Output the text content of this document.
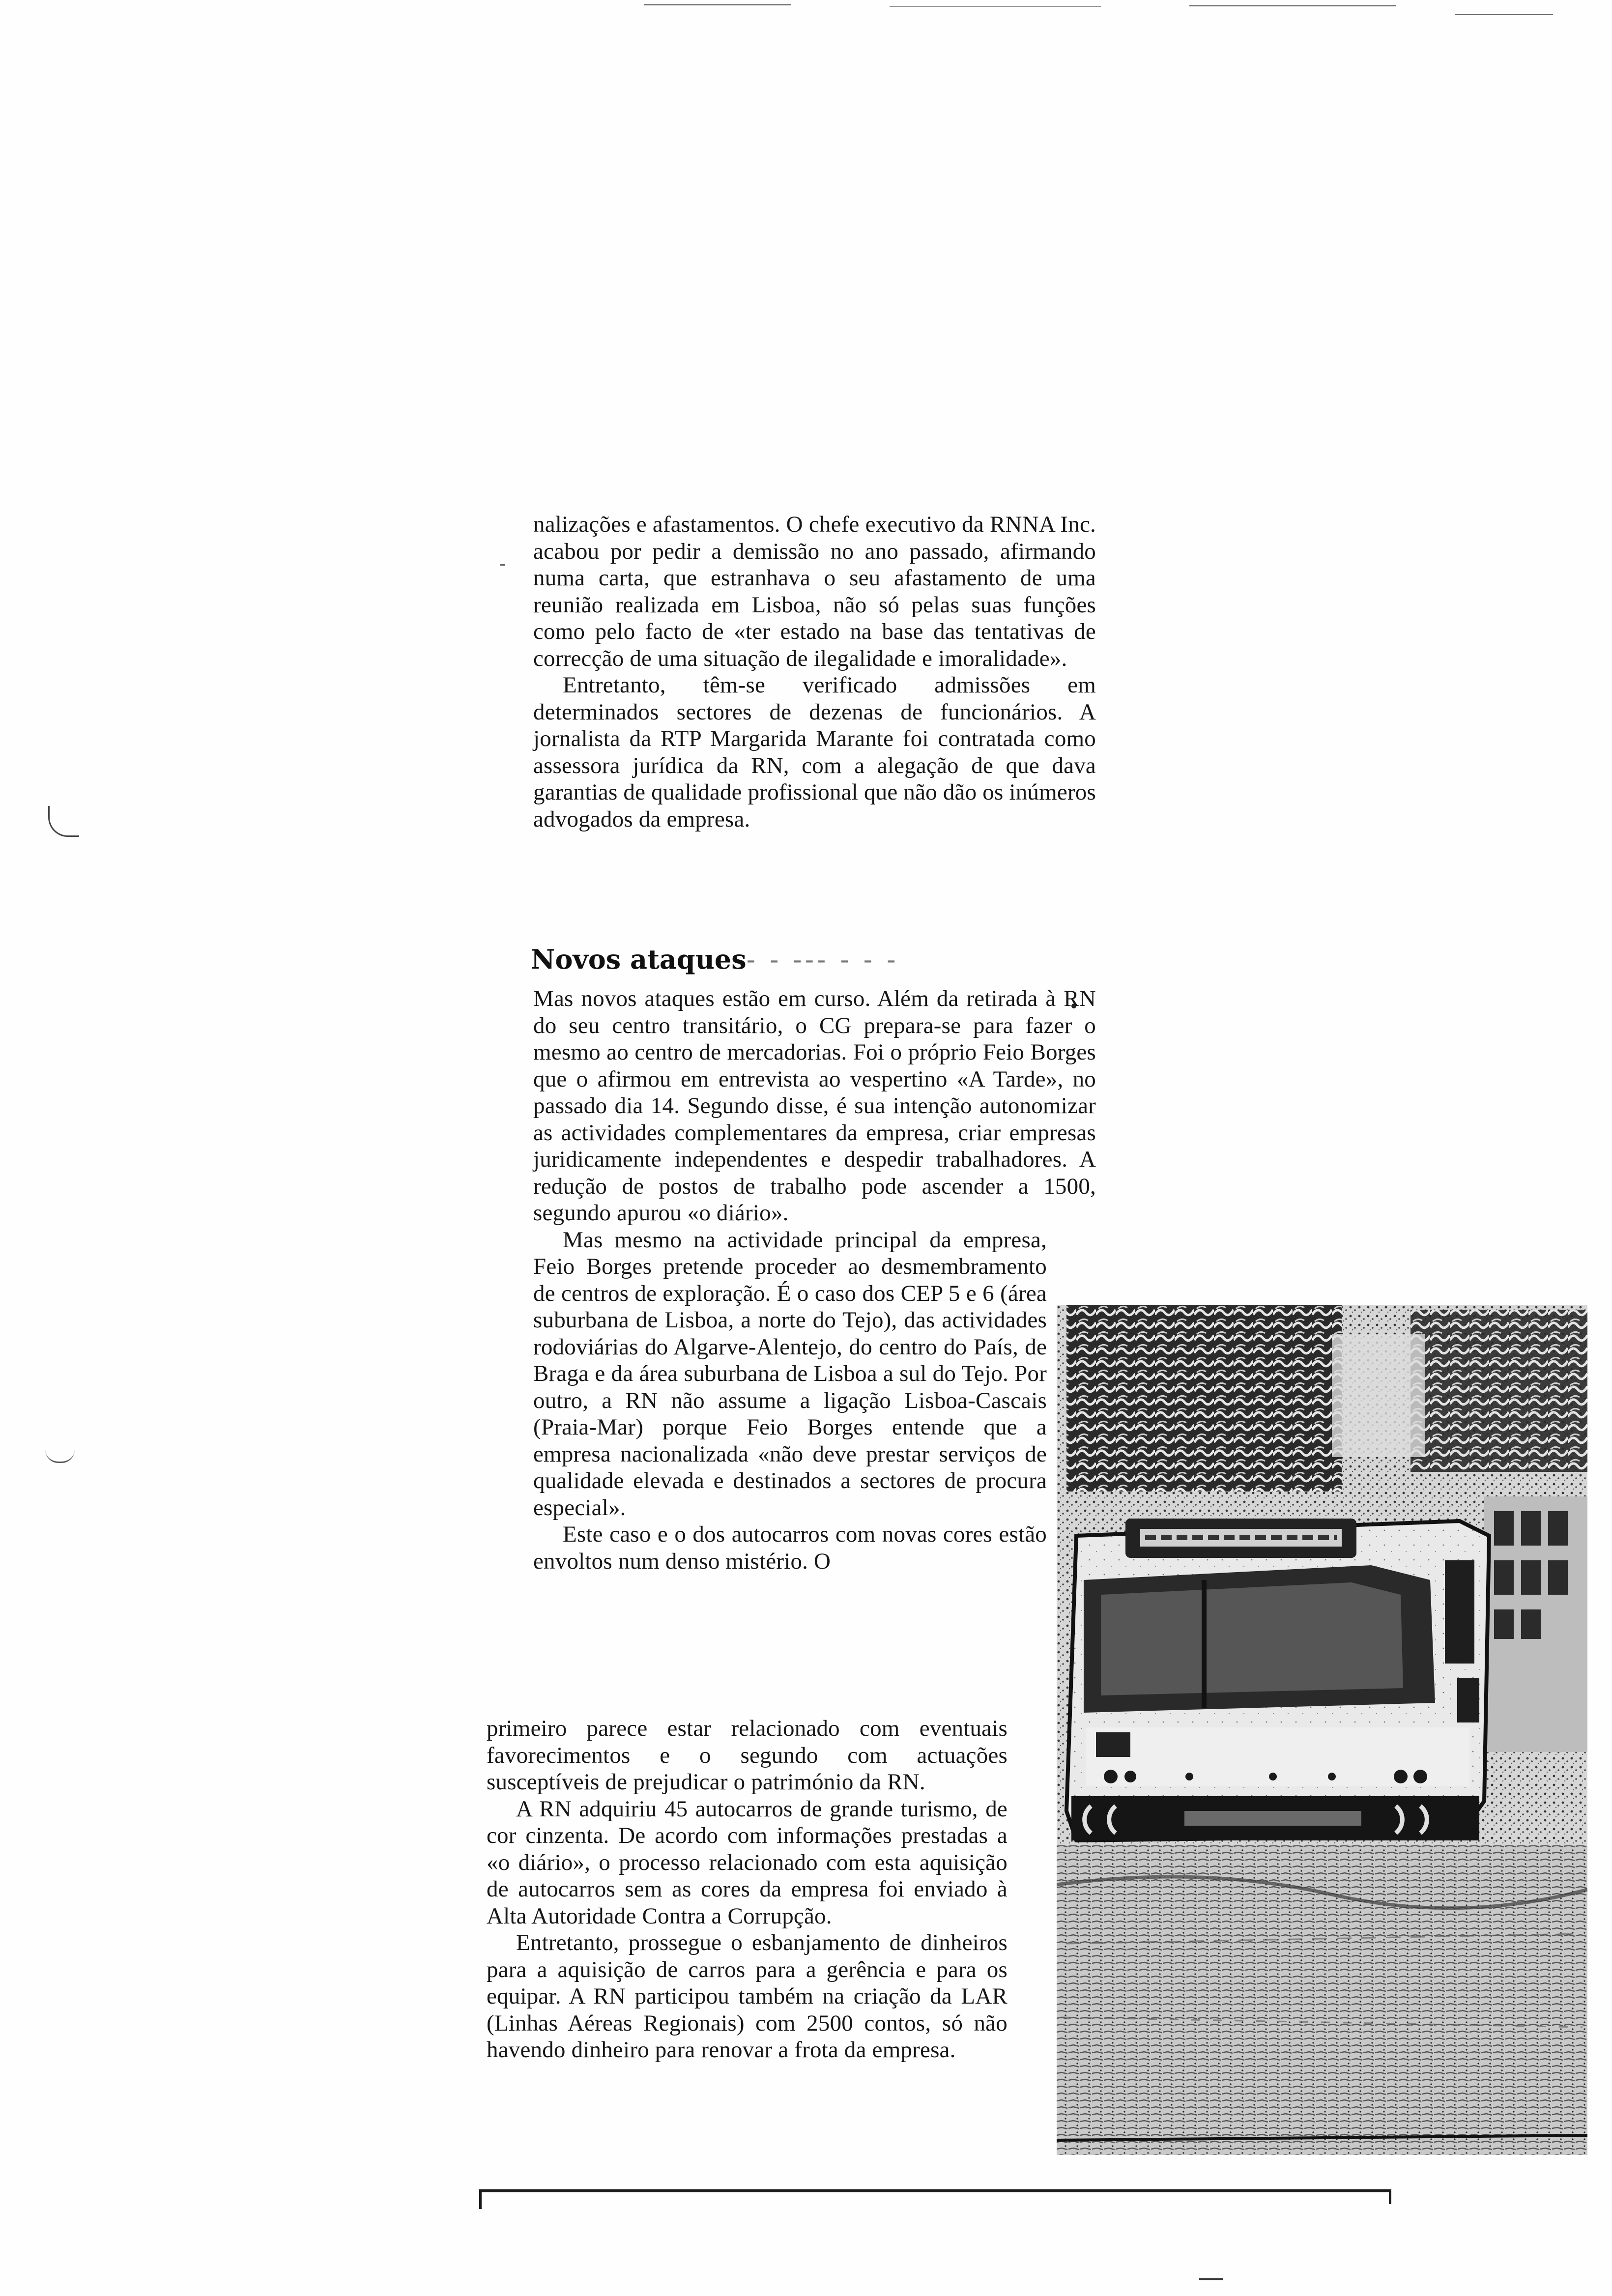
nalizações e afastamentos. O chefe executivo da RNNA Inc. acabou por pedir a demissão no ano passado, afirmando numa carta, que estranhava o seu afastamento de uma reunião realizada em Lisboa, não só pelas suas funções como pelo facto de «ter estado na base das tentativas de correcção de uma situação de ilegalidade e imoralidade».

Entretanto, têm-se verificado admissões em determinados sectores de dezenas de funcionários. A jornalista da RTP Margarida Marante foi contratada como assessora jurídica da RN, com a alegação de que dava garantias de qualidade profissional que não dão os inúmeros advogados da empresa.

Novos ataques- - --- - - -

Mas novos ataques estão em curso. Além da retirada à RN do seu centro transitário, o CG prepara-se para fazer o mesmo ao centro de mercadorias. Foi o próprio Feio Borges que o afirmou em entrevista ao vespertino «A Tarde», no passado dia 14. Segundo disse, é sua intenção autonomizar as actividades complementares da empresa, criar empresas juridicamente independentes e despedir trabalhadores. A redução de postos de trabalho pode ascender a 1500, segundo apurou «o diário».

Mas mesmo na actividade principal da empresa, Feio Borges pretende proceder ao desmembramento de centros de exploração. É o caso dos CEP 5 e 6 (área suburbana de Lisboa, a norte do Tejo), das actividades rodoviárias do Algarve-Alentejo, do centro do País, de Braga e da área suburbana de Lisboa a sul do Tejo. Por outro, a RN não assume a ligação Lisboa-Cascais (Praia-Mar) porque Feio Borges entende que a empresa nacionalizada «não deve prestar serviços de qualidade elevada e destinados a sectores de procura especial».

Este caso e o dos autocarros com novas cores estão envoltos num denso mistério. O

primeiro parece estar relacionado com eventuais favorecimentos e o segundo com actuações susceptíveis de prejudicar o património da RN.

A RN adquiriu 45 autocarros de grande turismo, de cor cinzenta. De acordo com informações prestadas a «o diário», o processo relacionado com esta aquisição de autocarros sem as cores da empresa foi enviado à Alta Autoridade Contra a Corrupção.

Entretanto, prossegue o esbanjamento de dinheiros para a aquisição de carros para a gerência e para os equipar. A RN participou também na criação da LAR (Linhas Aéreas Regionais) com 2500 contos, só não havendo dinheiro para renovar a frota da empresa.
